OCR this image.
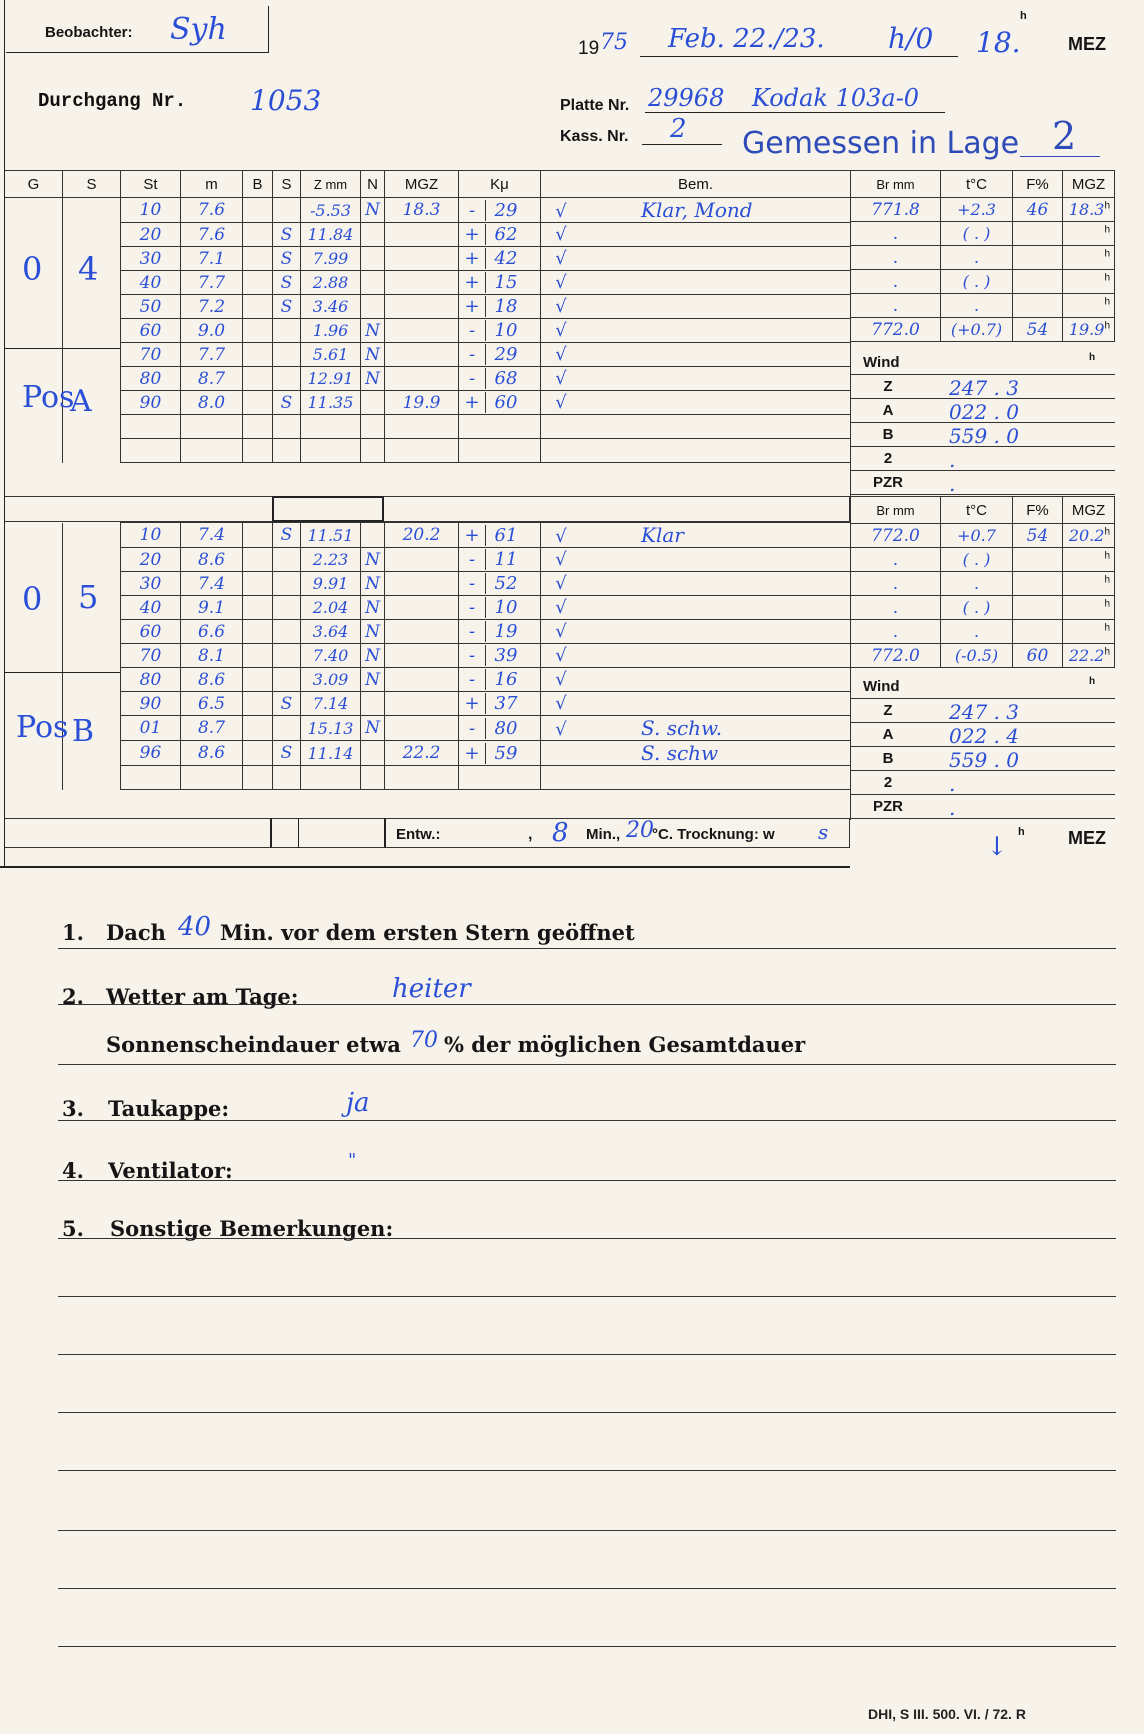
Beobachter: Syh
19 75 Feb. 22./23. h/0 18.
h
MEZ
Durchgang Nr. 1053	Platte Nr. 29968 Kodak 103a-0
Kass. Nr. 2 Gemessen in Lage 2
G	S	St	m	B	S	Z mm	N	MGZ	Kμ	Bem.
		10	7.6			-5.53	N	18.3	- 29	√ Klar, Mond
		20	7.6		S	11.84			+ 62	√
		30	7.1		S	7.99			+ 42	√
		40	7.7		S	2.88			+ 15	√
		50	7.2		S	3.46			+ 18	√
		60	9.0			1.96	N		- 10	√
		70	7.7			5.61	N		- 29	√
		80	8.7			12.91	N		- 68	√
		90	8.0		S	11.35		19.9	+ 60	√

0 4
Pos
A
Br mm	t°C	F%	MGZ
771.8	+2.3	46	18.3$^h$
.	( . )		$^h$
.	.		$^h$
.	( . )		$^h$
.	.		$^h$
772.0	(+0.7)	54	19.9$^h$
Wind	h
Z	247 . 3
A	022 . 0
B	559 . 0
2	.
PZR	.
		10	7.4		S	11.51		20.2	+ 61	√ Klar
		20	8.6			2.23	N		- 11	√
		30	7.4			9.91	N		- 52	√
		40	9.1			2.04	N		- 10	√
		60	6.6			3.64	N		- 19	√
		70	8.1			7.40	N		- 39	√
		80	8.6			3.09	N		- 16	√
		90	6.5		S	7.14			+ 37	√
		01	8.7			15.13	N		- 80	√ S. schw.
		96	8.6		S	11.14		22.2	+ 59	S. schw

0 5
Pos B
Br mm	t°C	F%	MGZ
772.0	+0.7	54	20.2$^h$
.	( . )		$^h$
.	.		$^h$
.	( . )		$^h$
.	.		$^h$
772.0	(-0.5)	60	22.2$^h$
Wind	h
Z	247 . 3
A	022 . 4
B	559 . 0
2	.
PZR	.
Entw.:	, 8 Min., 20
°C. Trocknung: w s	↓ h MEZ
1. Dach 40 Min. vor dem ersten Stern geöffnet
2. Wetter am Tage:	heiter
Sonnenscheindauer etwa 70 % der möglichen Gesamtdauer
3. Taukappe:	ja
4. Ventilator:	"
5. Sonstige Bemerkungen:
DHI, S III. 500. VI. / 72. R
